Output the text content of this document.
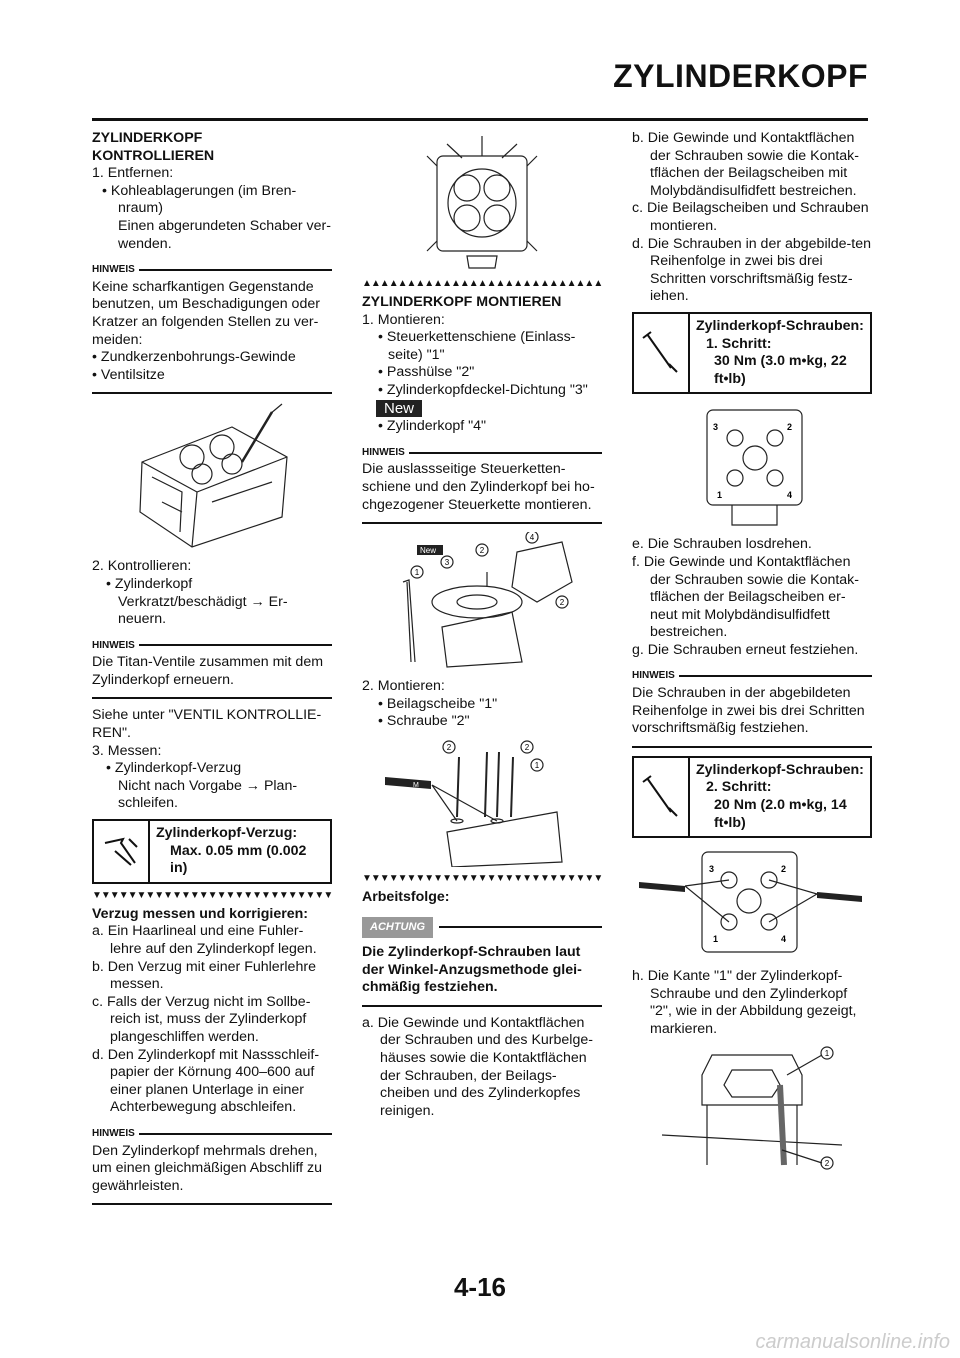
ZYLINDERKOPF
ZYLINDERKOPF
KONTROLLIEREN

1. Entfernen:

• Kohleablagerungen (im Bren-

nraum)

Einen abgerundeten Schaber ver-

wenden.

HINWEIS

Keine scharfkantigen Gegenstande benutzen, um Beschadigungen oder Kratzer an folgenden Stellen zu ver-meiden:

• Zundkerzenbohrungs-Gewinde

• Ventilsitze

2. Kontrollieren:

• Zylinderkopf

Verkratzt/beschädigt → Er-

neuern.

HINWEIS

Die Titan-Ventile zusammen mit dem Zylinderkopf erneuern.

Siehe unter "VENTIL KONTROLLIE-REN".

3. Messen:

• Zylinderkopf-Verzug

Nicht nach Vorgabe → Plan-

schleifen.

Zylinderkopf-Verzug:
Max. 0.05 mm (0.002 in)
▼▼▼▼▼▼▼▼▼▼▼▼▼▼▼▼▼▼▼▼▼▼▼▼▼▼▼
Verzug messen und korrigieren:

a. Ein Haarlineal und eine Fuhler-lehre auf den Zylinderkopf legen.

b. Den Verzug mit einer Fuhlerlehre messen.

c. Falls der Verzug nicht im Sollbe-reich ist, muss der Zylinderkopf plangeschliffen werden.

d. Den Zylinderkopf mit Nassschleif-papier der Körnung 400–600 auf einer planen Unterlage in einer Achterbewegung abschleifen.

HINWEIS

Den Zylinderkopf mehrmals drehen, um einen gleichmäßigen Abschliff zu gewährleisten.

▲▲▲▲▲▲▲▲▲▲▲▲▲▲▲▲▲▲▲▲▲▲▲▲▲▲▲
ZYLINDERKOPF MONTIEREN

1. Montieren:

• Steuerkettenschiene (Einlass-seite) "1"

• Passhülse "2"

• Zylinderkopfdeckel-Dichtung "3"

New

• Zylinderkopf "4"

HINWEIS

Die auslassseitige Steuerketten-schiene und den Zylinderkopf bei ho-chgezogener Steuerkette montieren.

New
1
2
3
4
2

2. Montieren:

• Beilagscheibe "1"

• Schraube "2"

M
2	2
1
▼▼▼▼▼▼▼▼▼▼▼▼▼▼▼▼▼▼▼▼▼▼▼▼▼▼▼
Arbeitsfolge:
ACHTUNG
Die Zylinderkopf-Schrauben laut der Winkel-Anzugsmethode glei-chmäßig festziehen.

a. Die Gewinde und Kontaktflächen der Schrauben und des Kurbelge-häuses sowie die Kontaktflächen der Schrauben, der Beilags-cheiben und des Zylinderkopfes reinigen.

b. Die Gewinde und Kontaktflächen der Schrauben sowie die Kontak-tflächen der Beilagscheiben mit Molybdändisulfidfett bestreichen.

c. Die Beilagscheiben und Schrauben montieren.

d. Die Schrauben in der abgebilde-ten Reihenfolge in zwei bis drei Schritten vorschriftsmäßig festz-iehen.

Zylinderkopf-Schrauben:
1. Schritt:
30 Nm (3.0 m•kg, 22 ft•lb)
3	2
1	4

e. Die Schrauben losdrehen.

f. Die Gewinde und Kontaktflächen der Schrauben sowie die Kontak-tflächen der Beilagscheiben er-neut mit Molybdändisulfidfett bestreichen.

g. Die Schrauben erneut festziehen.

HINWEIS

Die Schrauben in der abgebildeten Reihenfolge in zwei bis drei Schritten vorschriftsmäßig festziehen.

Zylinderkopf-Schrauben:
2. Schritt:
20 Nm (2.0 m•kg, 14 ft•lb)
3	2
1	4

h. Die Kante "1" der Zylinderkopf-Schraube und den Zylinderkopf "2", wie in der Abbildung gezeigt, markieren.

1
2
4-16
carmanualsonline.info
